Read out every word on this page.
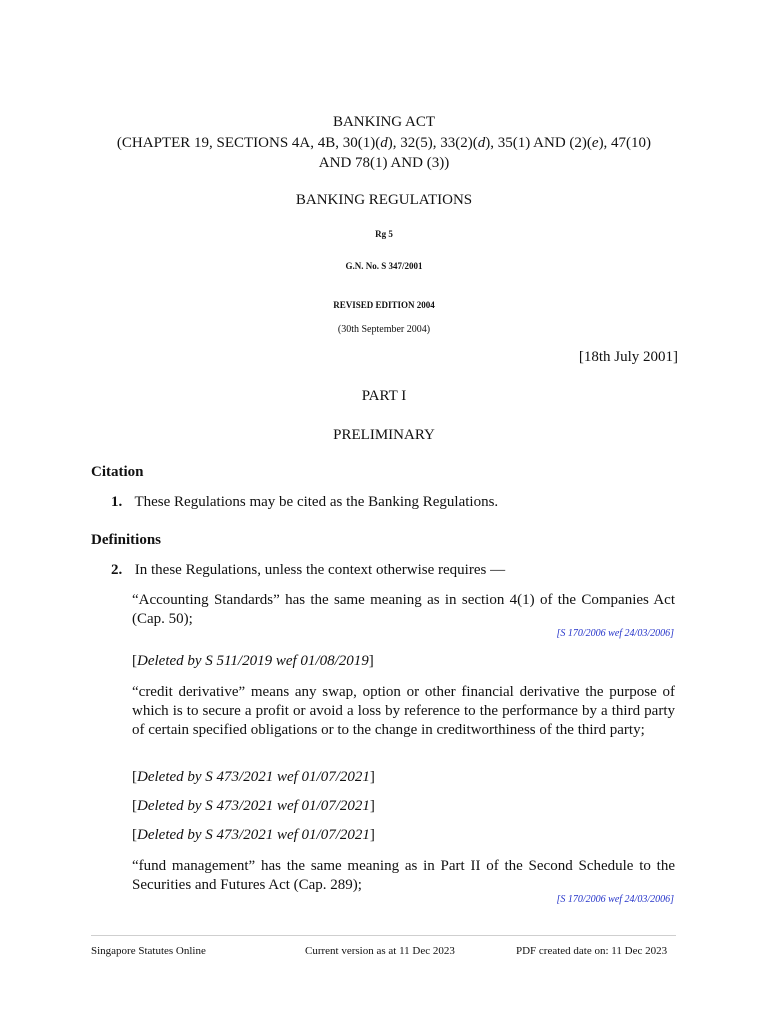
BANKING ACT
(CHAPTER 19, SECTIONS 4A, 4B, 30(1)(d), 32(5), 33(2)(d), 35(1) AND (2)(e), 47(10)
AND 78(1) AND (3))
BANKING REGULATIONS
Rg 5
G.N. No. S 347/2001
REVISED EDITION 2004
(30th September 2004)
[18th July 2001]
PART I
PRELIMINARY
Citation
1. These Regulations may be cited as the Banking Regulations.
Definitions
2. In these Regulations, unless the context otherwise requires —
“Accounting Standards” has the same meaning as in section 4(1) of the Companies Act (Cap. 50);
[S 170/2006 wef 24/03/2006]
[Deleted by S 511/2019 wef 01/08/2019]
“credit derivative” means any swap, option or other financial derivative the purpose of which is to secure a profit or avoid a loss by reference to the performance by a third party of certain specified obligations or to the change in creditworthiness of the third party;
[Deleted by S 473/2021 wef 01/07/2021]
[Deleted by S 473/2021 wef 01/07/2021]
[Deleted by S 473/2021 wef 01/07/2021]
“fund management” has the same meaning as in Part II of the Second Schedule to the Securities and Futures Act (Cap. 289);
[S 170/2006 wef 24/03/2006]
Singapore Statutes Online	Current version as at 11 Dec 2023	PDF created date on: 11 Dec 2023
